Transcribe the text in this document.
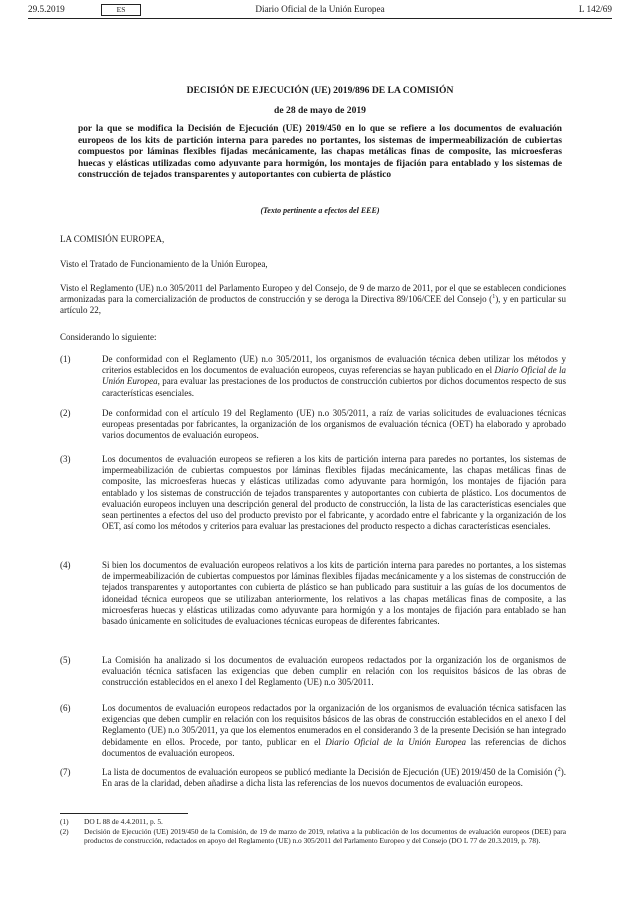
29.5.2019	ES	Diario Oficial de la Unión Europea	L 142/69
DECISIÓN DE EJECUCIÓN (UE) 2019/896 DE LA COMISIÓN
de 28 de mayo de 2019
por la que se modifica la Decisión de Ejecución (UE) 2019/450 en lo que se refiere a los documentos de evaluación europeos de los kits de partición interna para paredes no portantes, los sistemas de impermeabilización de cubiertas compuestos por láminas flexibles fijadas mecánicamente, las chapas metálicas finas de composite, las microesferas huecas y elásticas utilizadas como adyuvante para hormigón, los montajes de fijación para entablado y los sistemas de construcción de tejados transparentes y autoportantes con cubierta de plástico
(Texto pertinente a efectos del EEE)
LA COMISIÓN EUROPEA,
Visto el Tratado de Funcionamiento de la Unión Europea,
Visto el Reglamento (UE) n.o 305/2011 del Parlamento Europeo y del Consejo, de 9 de marzo de 2011, por el que se establecen condiciones armonizadas para la comercialización de productos de construcción y se deroga la Directiva 89/106/CEE del Consejo ($^1$), y en particular su artículo 22,
Considerando lo siguiente:
(1)	De conformidad con el Reglamento (UE) n.o 305/2011, los organismos de evaluación técnica deben utilizar los métodos y criterios establecidos en los documentos de evaluación europeos, cuyas referencias se hayan publicado en el Diario Oficial de la Unión Europea, para evaluar las prestaciones de los productos de construcción cubiertos por dichos documentos respecto de sus características esenciales.
(2)	De conformidad con el artículo 19 del Reglamento (UE) n.o 305/2011, a raíz de varias solicitudes de evaluaciones técnicas europeas presentadas por fabricantes, la organización de los organismos de evaluación técnica (OET) ha elaborado y aprobado varios documentos de evaluación europeos.
(3)	Los documentos de evaluación europeos se refieren a los kits de partición interna para paredes no portantes, los sistemas de impermeabilización de cubiertas compuestos por láminas flexibles fijadas mecánicamente, las chapas metálicas finas de composite, las microesferas huecas y elásticas utilizadas como adyuvante para hormigón, los montajes de fijación para entablado y los sistemas de construcción de tejados transparentes y autoportantes con cubierta de plástico. Los documentos de evaluación europeos incluyen una descripción general del producto de construcción, la lista de las características esenciales que sean pertinentes a efectos del uso del producto previsto por el fabricante, y acordado entre el fabricante y la organización de los OET, así como los métodos y criterios para evaluar las prestaciones del producto respecto a dichas características esenciales.
(4)	Si bien los documentos de evaluación europeos relativos a los kits de partición interna para paredes no portantes, a los sistemas de impermeabilización de cubiertas compuestos por láminas flexibles fijadas mecánicamente y a los sistemas de construcción de tejados transparentes y autoportantes con cubierta de plástico se han publicado para sustituir a las guías de los documentos de idoneidad técnica europeos que se utilizaban anteriormente, los relativos a las chapas metálicas finas de composite, a las microesferas huecas y elásticas utilizadas como adyuvante para hormigón y a los montajes de fijación para entablado se han basado únicamente en solicitudes de evaluaciones técnicas europeas de diferentes fabricantes.
(5)	La Comisión ha analizado si los documentos de evaluación europeos redactados por la organización los de organismos de evaluación técnica satisfacen las exigencias que deben cumplir en relación con los requisitos básicos de las obras de construcción establecidos en el anexo I del Reglamento (UE) n.o 305/2011.
(6)	Los documentos de evaluación europeos redactados por la organización de los organismos de evaluación técnica satisfacen las exigencias que deben cumplir en relación con los requisitos básicos de las obras de construcción establecidos en el anexo I del Reglamento (UE) n.o 305/2011, ya que los elementos enumerados en el considerando 3 de la presente Decisión se han integrado debidamente en ellos. Procede, por tanto, publicar en el Diario Oficial de la Unión Europea las referencias de dichos documentos de evaluación europeos.
(7)	La lista de documentos de evaluación europeos se publicó mediante la Decisión de Ejecución (UE) 2019/450 de la Comisión ($^2$). En aras de la claridad, deben añadirse a dicha lista las referencias de los nuevos documentos de evaluación europeos.
(1) DO L 88 de 4.4.2011, p. 5.
(2) Decisión de Ejecución (UE) 2019/450 de la Comisión, de 19 de marzo de 2019, relativa a la publicación de los documentos de evaluación europeos (DEE) para productos de construcción, redactados en apoyo del Reglamento (UE) n.o 305/2011 del Parlamento Europeo y del Consejo (DO L 77 de 20.3.2019, p. 78).
